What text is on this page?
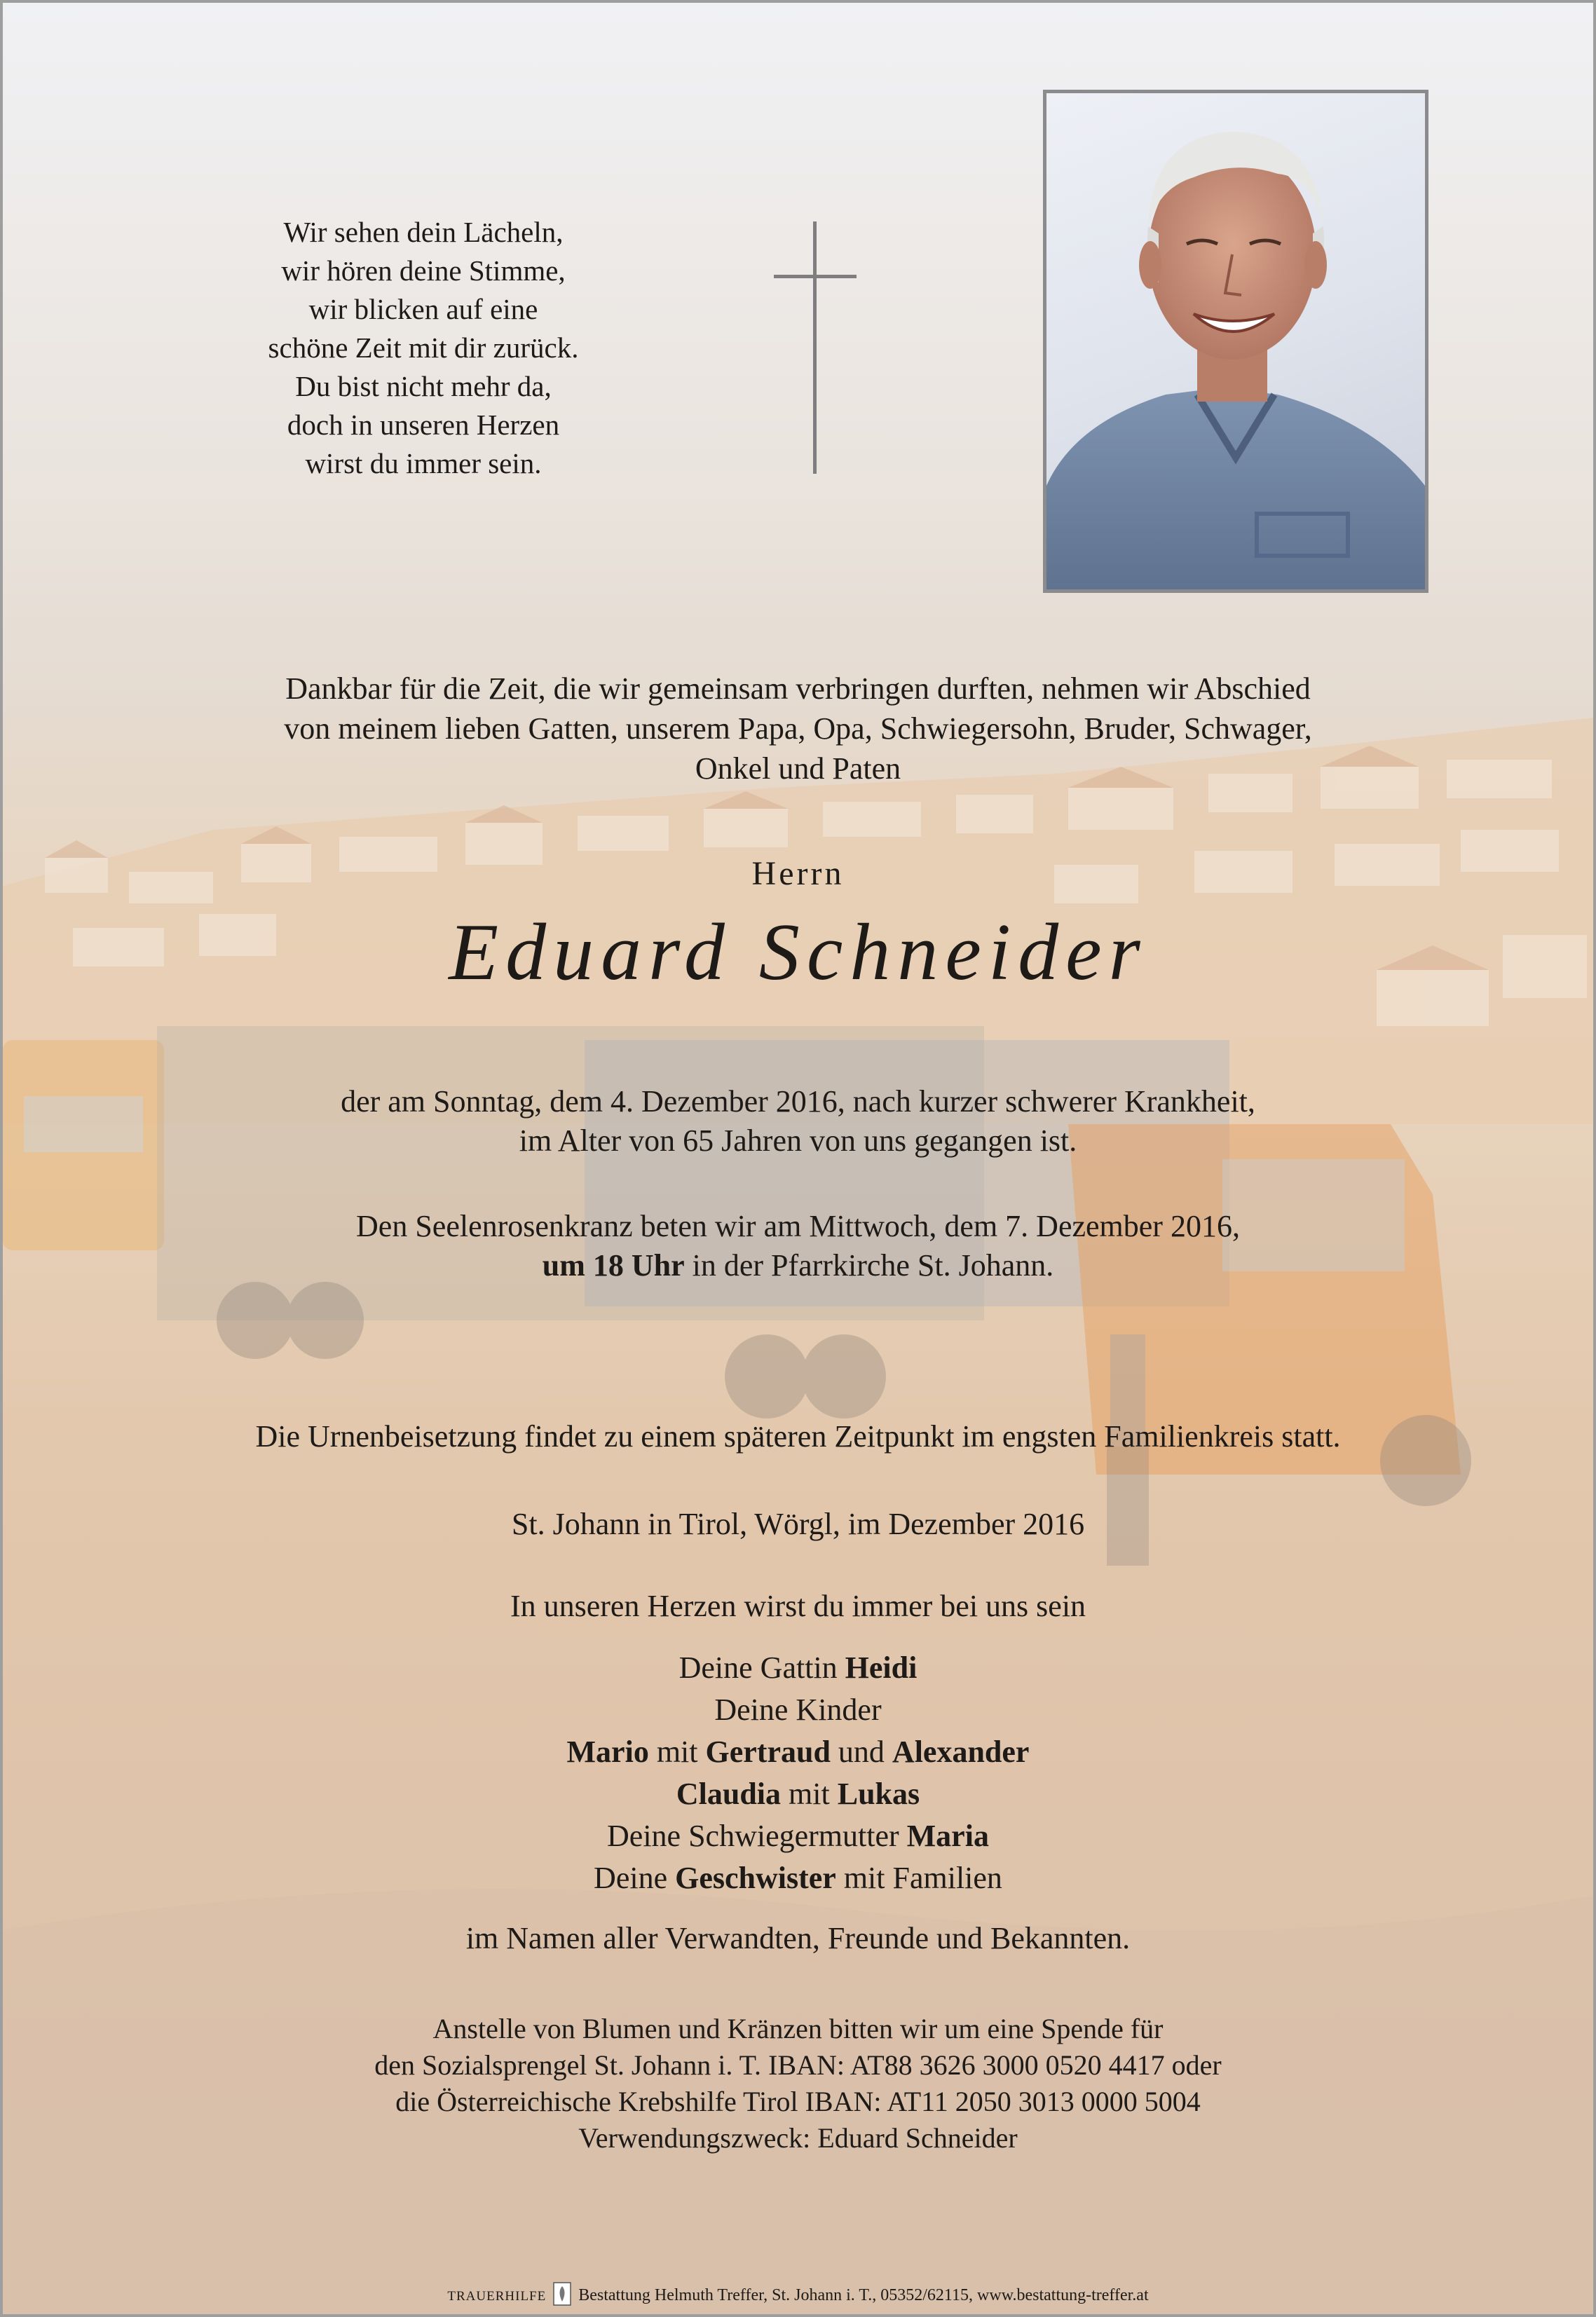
Wir sehen dein Lächeln,
wir hören deine Stimme,
wir blicken auf eine
schöne Zeit mit dir zurück.
Du bist nicht mehr da,
doch in unseren Herzen
wirst du immer sein.
Dankbar für die Zeit, die wir gemeinsam verbringen durften, nehmen wir Abschied
von meinem lieben Gatten, unserem Papa, Opa, Schwiegersohn, Bruder, Schwager,
Onkel und Paten
Herrn
Eduard Schneider
der am Sonntag, dem 4. Dezember 2016, nach kurzer schwerer Krankheit,
im Alter von 65 Jahren von uns gegangen ist.
Den Seelenrosenkranz beten wir am Mittwoch, dem 7. Dezember 2016,
um 18 Uhr in der Pfarrkirche St. Johann.
Die Urnenbeisetzung findet zu einem späteren Zeitpunkt im engsten Familienkreis statt.
St. Johann in Tirol, Wörgl, im Dezember 2016
In unseren Herzen wirst du immer bei uns sein
Deine Gattin Heidi
Deine Kinder
Mario mit Gertraud und Alexander
Claudia mit Lukas
Deine Schwiegermutter Maria
Deine Geschwister mit Familien
im Namen aller Verwandten, Freunde und Bekannten.
Anstelle von Blumen und Kränzen bitten wir um eine Spende für
den Sozialsprengel St. Johann i. T. IBAN: AT88 3626 3000 0520 4417 oder
die Österreichische Krebshilfe Tirol IBAN: AT11 2050 3013 0000 5004
Verwendungszweck: Eduard Schneider
TRAUERHILFE Bestattung Helmuth Treffer, St. Johann i. T., 05352/62115, www.bestattung-treffer.at
